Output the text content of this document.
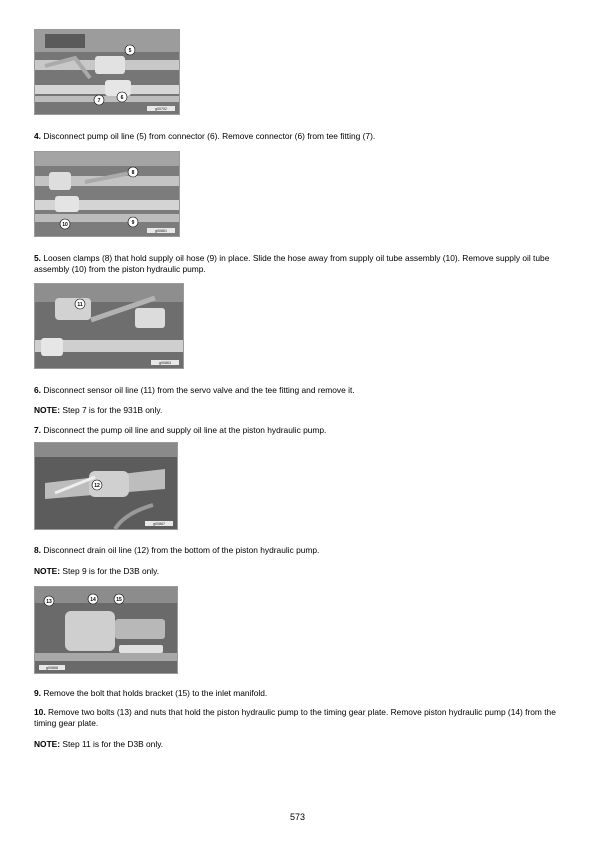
5
6
7
g00702

4. Disconnect pump oil line (5) from connector (6). Remove connector (6) from tee fitting (7).

8
9
10
g00861

5. Loosen clamps (8) that hold supply oil hose (9) in place. Slide the hose away from supply oil tube assembly (10). Remove supply oil tube assembly (10) from the piston hydraulic pump.

11
g00863

6. Disconnect sensor oil line (11) from the servo valve and the tee fitting and remove it.

NOTE: Step 7 is for the 931B only.

7. Disconnect the pump oil line and supply oil line at the piston hydraulic pump.

12
g00867

8. Disconnect drain oil line (12) from the bottom of the piston hydraulic pump.

NOTE: Step 9 is for the D3B only.

13	14	15
g00868

9. Remove the bolt that holds bracket (15) to the inlet manifold.

10. Remove two bolts (13) and nuts that hold the piston hydraulic pump to the timing gear plate. Remove piston hydraulic pump (14) from the timing gear plate.

NOTE: Step 11 is for the D3B only.

573
